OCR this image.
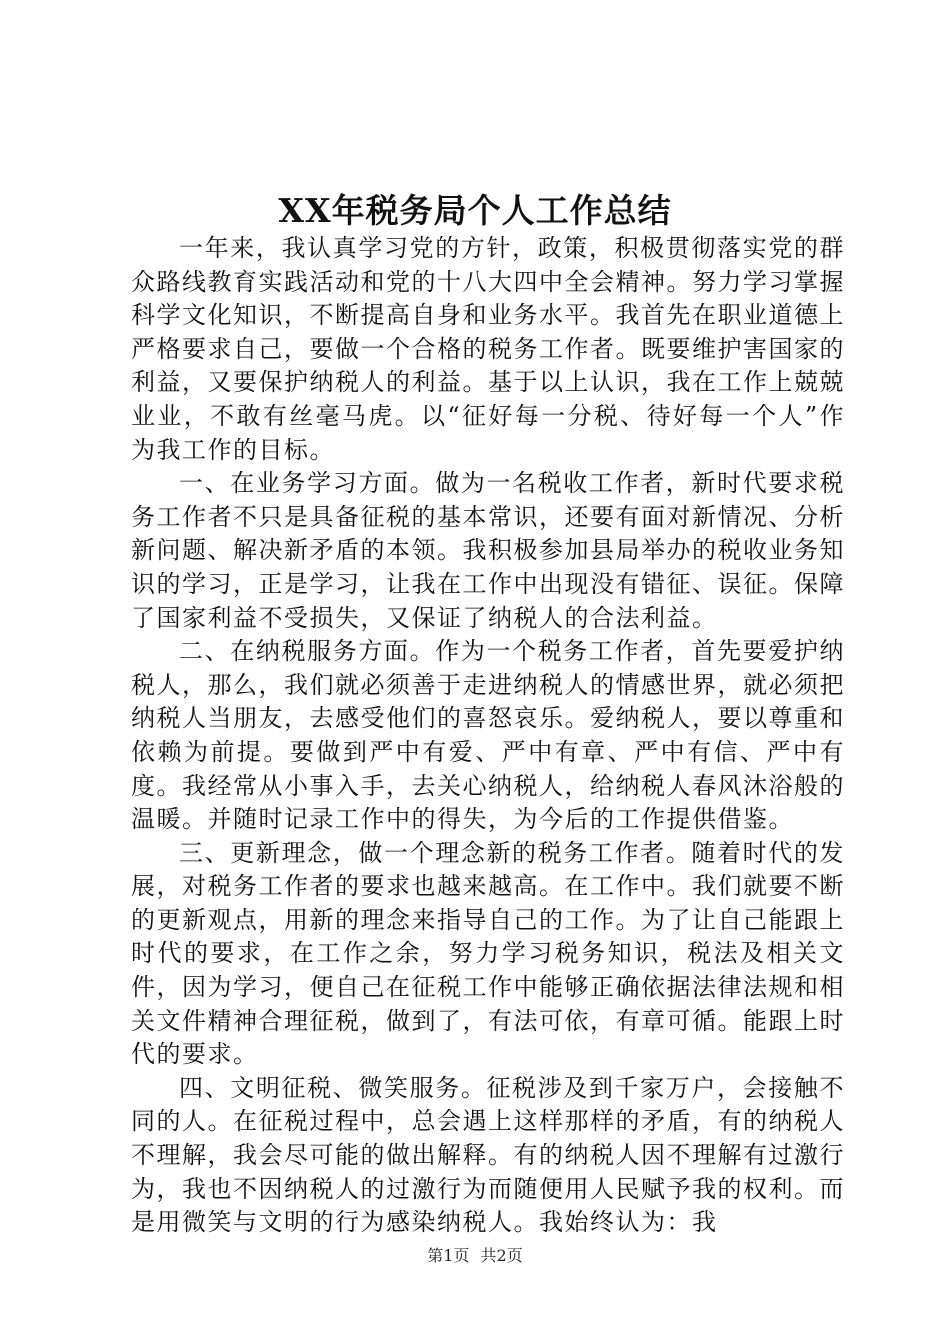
XX年税务局个人工作总结

一年来，我认真学习党的方针，政策，积极贯彻落实党的群众路线教育实践活动和党的十八大四中全会精神。努力学习掌握科学文化知识，不断提高自身和业务水平。我首先在职业道德上严格要求自己，要做一个合格的税务工作者。既要维护害国家的利益，又要保护纳税人的利益。基于以上认识，我在工作上兢兢业业，不敢有丝毫马虎。以“征好每一分税、待好每一个人”作为我工作的目标。

一、在业务学习方面。做为一名税收工作者，新时代要求税务工作者不只是具备征税的基本常识，还要有面对新情况、分析新问题、解决新矛盾的本领。我积极参加县局举办的税收业务知识的学习，正是学习，让我在工作中出现没有错征、误征。保障了国家利益不受损失，又保证了纳税人的合法利益。

二、在纳税服务方面。作为一个税务工作者，首先要爱护纳税人，那么，我们就必须善于走进纳税人的情感世界，就必须把纳税人当朋友，去感受他们的喜怒哀乐。爱纳税人，要以尊重和依赖为前提。要做到严中有爱、严中有章、严中有信、严中有度。我经常从小事入手，去关心纳税人，给纳税人春风沐浴般的温暖。并随时记录工作中的得失，为今后的工作提供借鉴。

三、更新理念，做一个理念新的税务工作者。随着时代的发展，对税务工作者的要求也越来越高。在工作中。我们就要不断的更新观点，用新的理念来指导自己的工作。为了让自己能跟上时代的要求，在工作之余，努力学习税务知识，税法及相关文件，因为学习，便自己在征税工作中能够正确依据法律法规和相关文件精神合理征税，做到了，有法可依，有章可循。能跟上时代的要求。

四、文明征税、微笑服务。征税涉及到千家万户，会接触不同的人。在征税过程中，总会遇上这样那样的矛盾，有的纳税人不理解，我会尽可能的做出解释。有的纳税人因不理解有过激行为，我也不因纳税人的过激行为而随便用人民赋予我的权利。而是用微笑与文明的行为感染纳税人。我始终认为：我

第1页 共2页
